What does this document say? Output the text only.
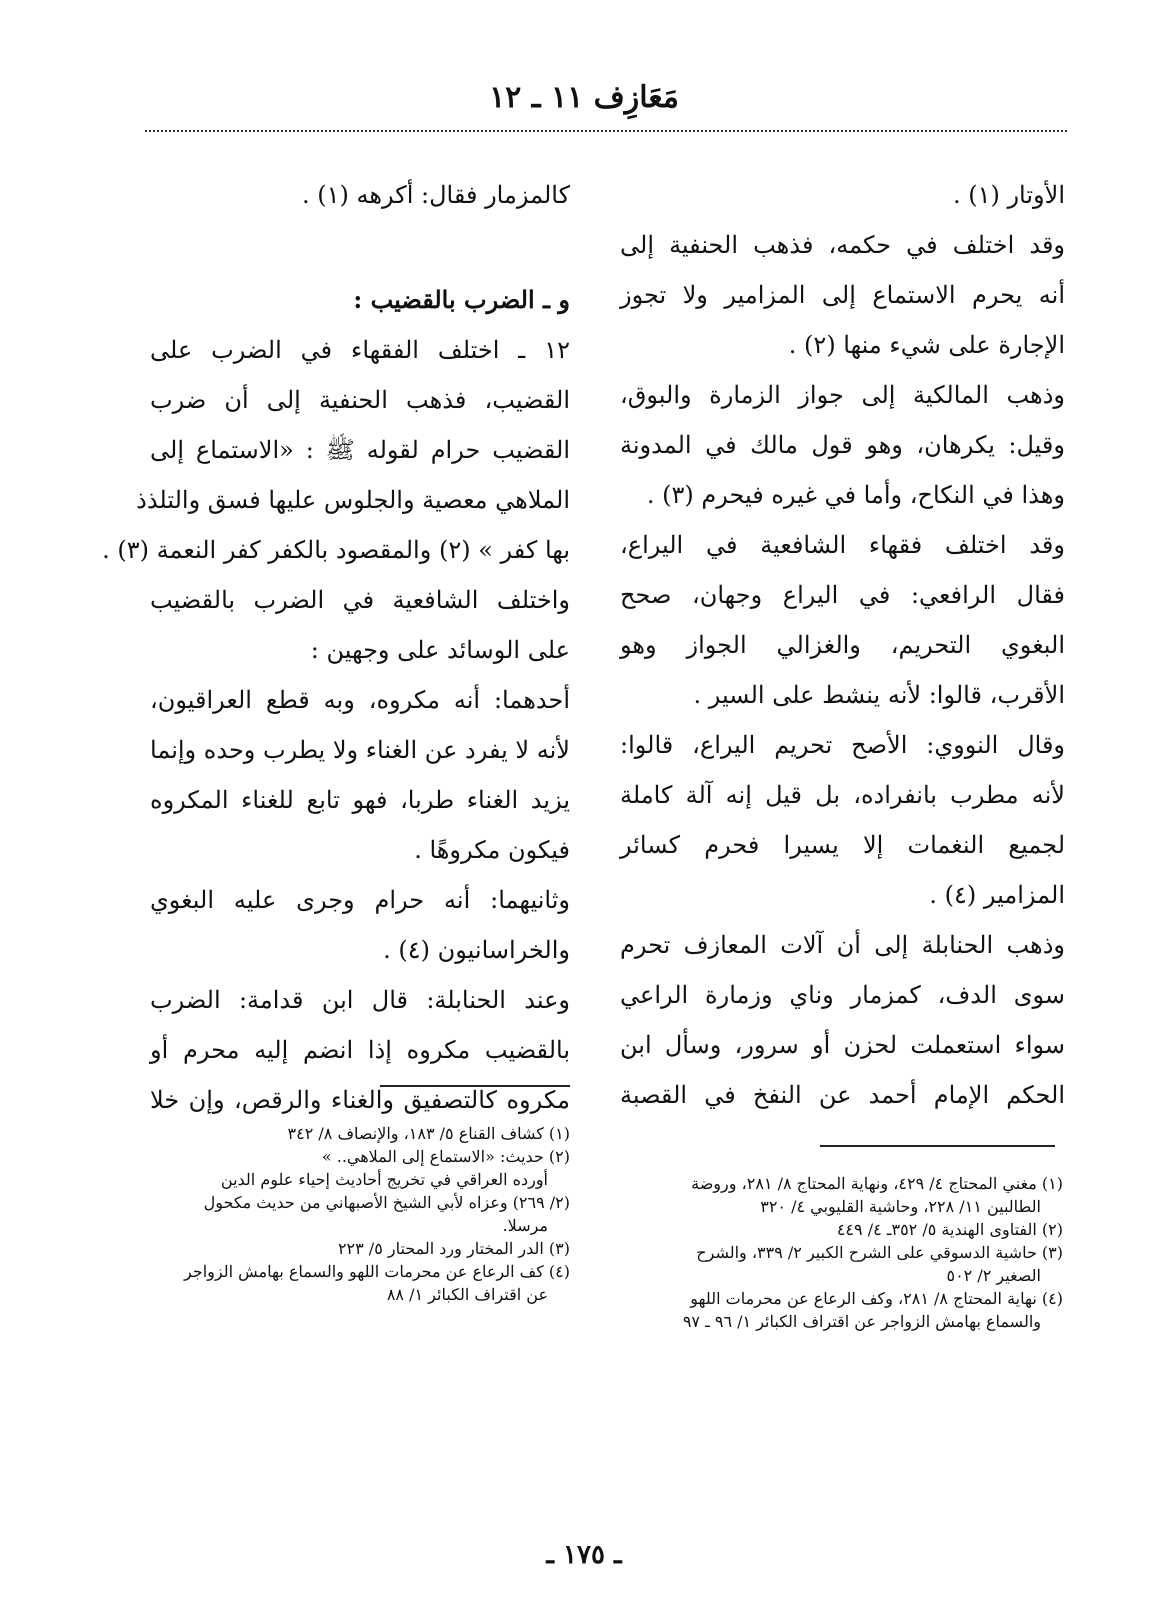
مَعَازِف ١١ ـ ١٢
الأوتار (١) .
وقد اختلف في حكمه، فذهب الحنفية إلى
أنه يحرم الاستماع إلى المزامير ولا تجوز
الإجارة على شيء منها (٢) .
وذهب المالكية إلى جواز الزمارة والبوق،
وقيل: يكرهان، وهو قول مالك في المدونة
وهذا في النكاح، وأما في غيره فيحرم (٣) .
وقد اختلف فقهاء الشافعية في اليراع،
فقال الرافعي: في اليراع وجهان، صحح
البغوي التحريم، والغزالي الجواز وهو
الأقرب، قالوا: لأنه ينشط على السير .
وقال النووي: الأصح تحريم اليراع، قالوا:
لأنه مطرب بانفراده، بل قيل إنه آلة كاملة
لجميع النغمات إلا يسيرا فحرم كسائر
المزامير (٤) .
وذهب الحنابلة إلى أن آلات المعازف تحرم
سوى الدف، كمزمار وناي وزمارة الراعي
سواء استعملت لحزن أو سرور، وسأل ابن
الحكم الإمام أحمد عن النفخ في القصبة
كالمزمار فقال: أكرهه (١) .
و ـ الضرب بالقضيب :
١٢ ـ اختلف الفقهاء في الضرب على
القضيب، فذهب الحنفية إلى أن ضرب
القضيب حرام لقوله ﷺ : «الاستماع إلى
الملاهي معصية والجلوس عليها فسق والتلذذ
بها كفر » (٢) والمقصود بالكفر كفر النعمة (٣) .
واختلف الشافعية في الضرب بالقضيب
على الوسائد على وجهين :
أحدهما: أنه مكروه، وبه قطع العراقيون،
لأنه لا يفرد عن الغناء ولا يطرب وحده وإنما
يزيد الغناء طربا، فهو تابع للغناء المكروه
فيكون مكروهًا .
وثانيهما: أنه حرام وجرى عليه البغوي
والخراسانيون (٤) .
وعند الحنابلة: قال ابن قدامة: الضرب
بالقضيب مكروه إذا انضم إليه محرم أو
مكروه كالتصفيق والغناء والرقص، وإن خلا
(١) مغني المحتاج ٤/ ٤٢٩، ونهاية المحتاج ٨/ ٢٨١، وروضة
الطالبين ١١/ ٢٢٨، وحاشية القليوبي ٤/ ٣٢٠
(٢) الفتاوى الهندية ٥/ ٣٥٢ـ ٤/ ٤٤٩
(٣) حاشية الدسوقي على الشرح الكبير ٢/ ٣٣٩، والشرح
الصغير ٢/ ٥٠٢
(٤) نهاية المحتاج ٨/ ٢٨١، وكف الرعاع عن محرمات اللهو
والسماع بهامش الزواجر عن اقتراف الكبائر ١/ ٩٦ ـ ٩٧
(١) كشاف القناع ٥/ ١٨٣، والإنصاف ٨/ ٣٤٢
(٢) حديث: «الاستماع إلى الملاهي.. »
أورده العراقي في تخريج أحاديث إحياء علوم الدين
(٢/ ٢٦٩) وعزاه لأبي الشيخ الأصبهاني من حديث مكحول
مرسلا.
(٣) الدر المختار ورد المحتار ٥/ ٢٢٣
(٤) كف الرعاع عن محرمات اللهو والسماع بهامش الزواجر
عن اقتراف الكبائر ١/ ٨٨
ـ ١٧٥ ـ
